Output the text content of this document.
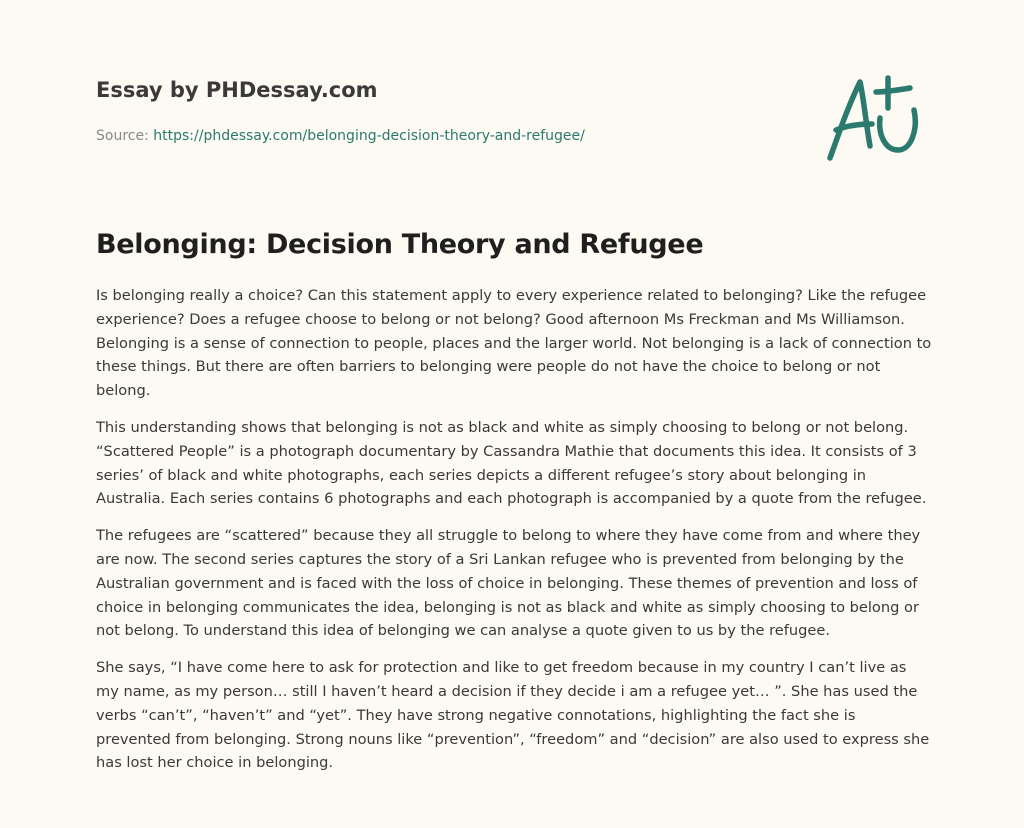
Essay by PHDessay.com
Source: https://phdessay.com/belonging-decision-theory-and-refugee/
Belonging: Decision Theory and Refugee

Is belonging really a choice? Can this statement apply to every experience related to belonging? Like the refugee experience? Does a refugee choose to belong or not belong? Good afternoon Ms Freckman and Ms Williamson. Belonging is a sense of connection to people, places and the larger world. Not belonging is a lack of connection to these things. But there are often barriers to belonging were people do not have the choice to belong or not belong.

This understanding shows that belonging is not as black and white as simply choosing to belong or not belong. “Scattered People” is a photograph documentary by Cassandra Mathie that documents this idea. It consists of 3 series’ of black and white photographs, each series depicts a different refugee’s story about belonging in Australia. Each series contains 6 photographs and each photograph is accompanied by a quote from the refugee.

The refugees are “scattered” because they all struggle to belong to where they have come from and where they are now. The second series captures the story of a Sri Lankan refugee who is prevented from belonging by the Australian government and is faced with the loss of choice in belonging. These themes of prevention and loss of choice in belonging communicates the idea, belonging is not as black and white as simply choosing to belong or not belong. To understand this idea of belonging we can analyse a quote given to us by the refugee.

She says, “I have come here to ask for protection and like to get freedom because in my country I can’t live as my name, as my person… still I haven’t heard a decision if they decide i am a refugee yet… ”. She has used the verbs “can’t”, “haven’t” and “yet”. They have strong negative connotations, highlighting the fact she is prevented from belonging. Strong nouns like “prevention”, “freedom” and “decision” are also used to express she has lost her choice in belonging.
